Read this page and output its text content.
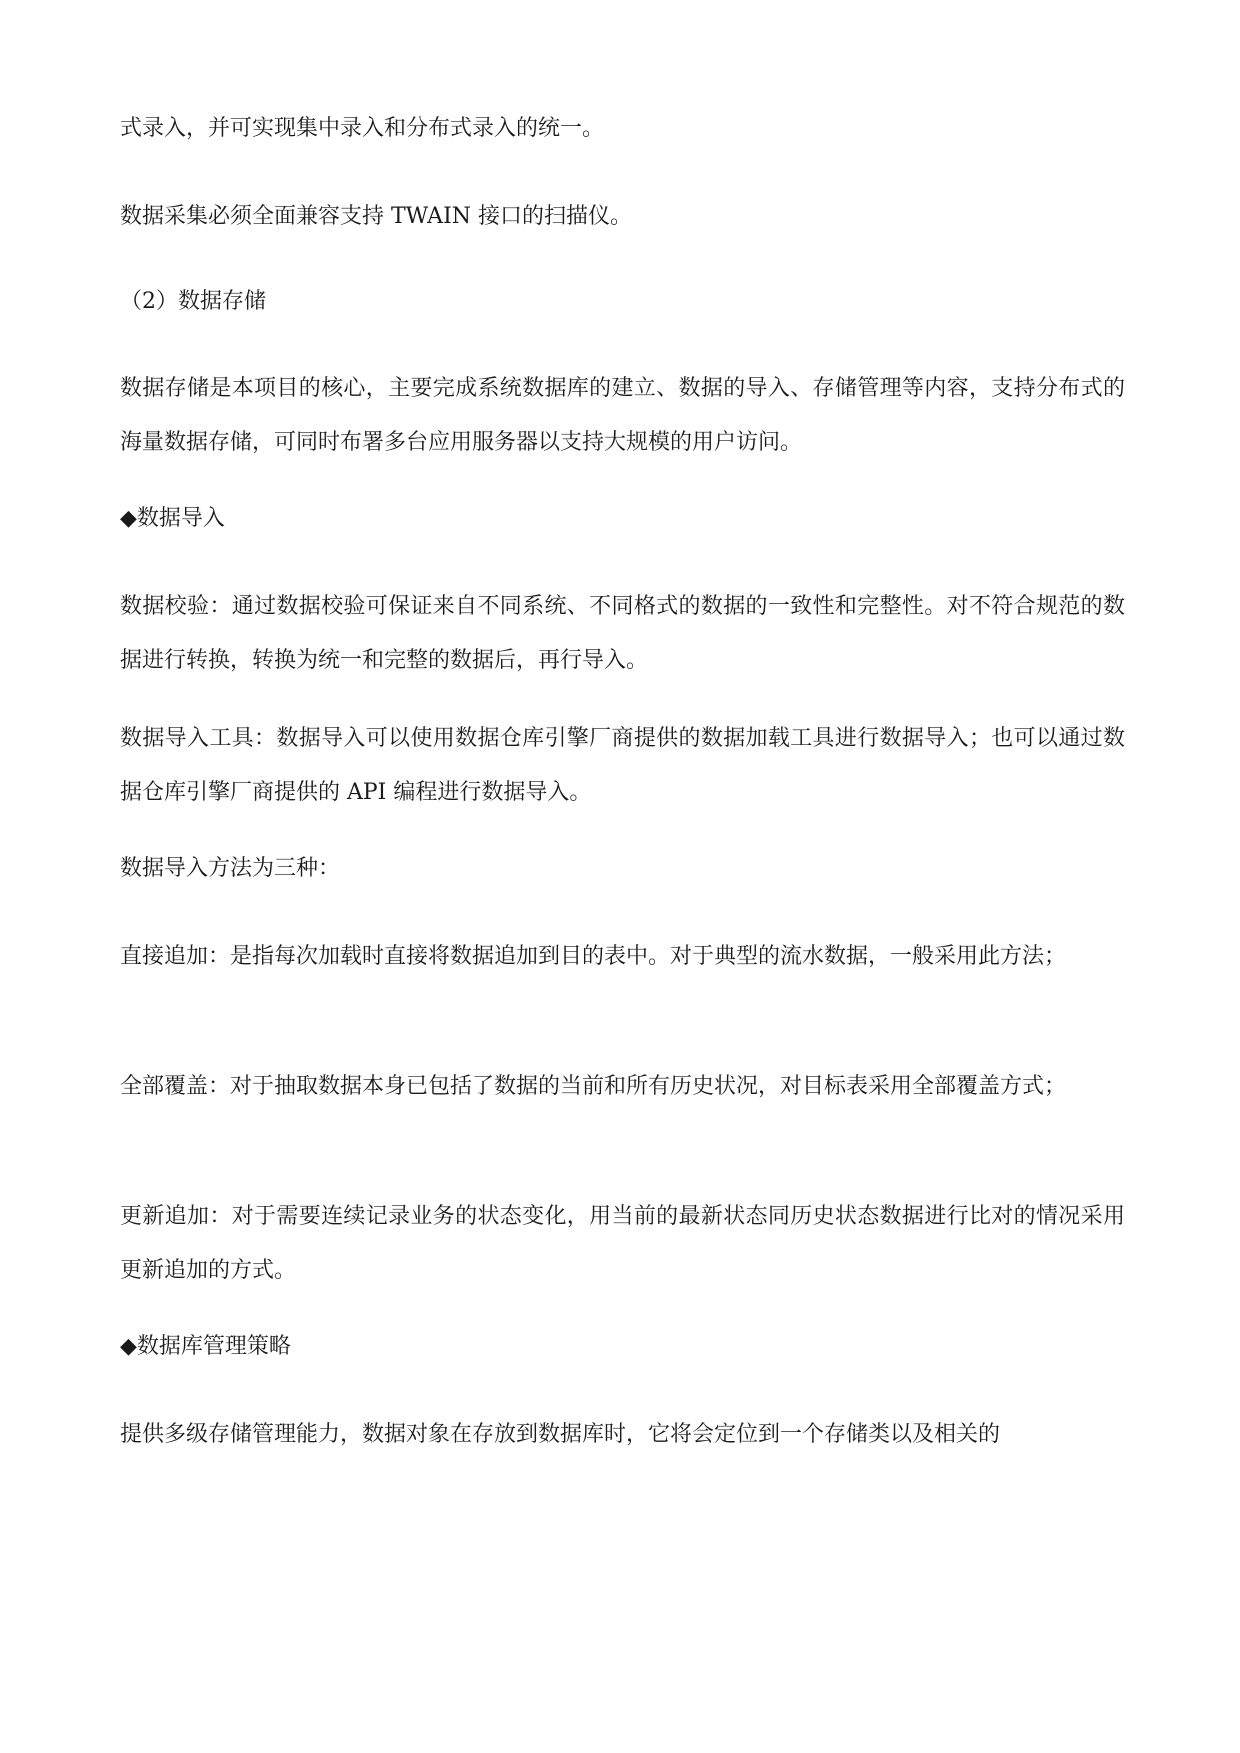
式录入，并可实现集中录入和分布式录入的统一。

数据采集必须全面兼容支持 TWAIN 接口的扫描仪。

（2）数据存储

数据存储是本项目的核心，主要完成系统数据库的建立、数据的导入、存储管理等内容，支持分布式的海量数据存储，可同时布署多台应用服务器以支持大规模的用户访问。

◆数据导入

数据校验：通过数据校验可保证来自不同系统、不同格式的数据的一致性和完整性。对不符合规范的数据进行转换，转换为统一和完整的数据后，再行导入。

数据导入工具：数据导入可以使用数据仓库引擎厂商提供的数据加载工具进行数据导入；也可以通过数据仓库引擎厂商提供的 API 编程进行数据导入。

数据导入方法为三种：

直接追加：是指每次加载时直接将数据追加到目的表中。对于典型的流水数据，一般采用此方法；

全部覆盖：对于抽取数据本身已包括了数据的当前和所有历史状况，对目标表采用全部覆盖方式；

更新追加：对于需要连续记录业务的状态变化，用当前的最新状态同历史状态数据进行比对的情况采用更新追加的方式。

◆数据库管理策略

提供多级存储管理能力，数据对象在存放到数据库时，它将会定位到一个存储类以及相关的
